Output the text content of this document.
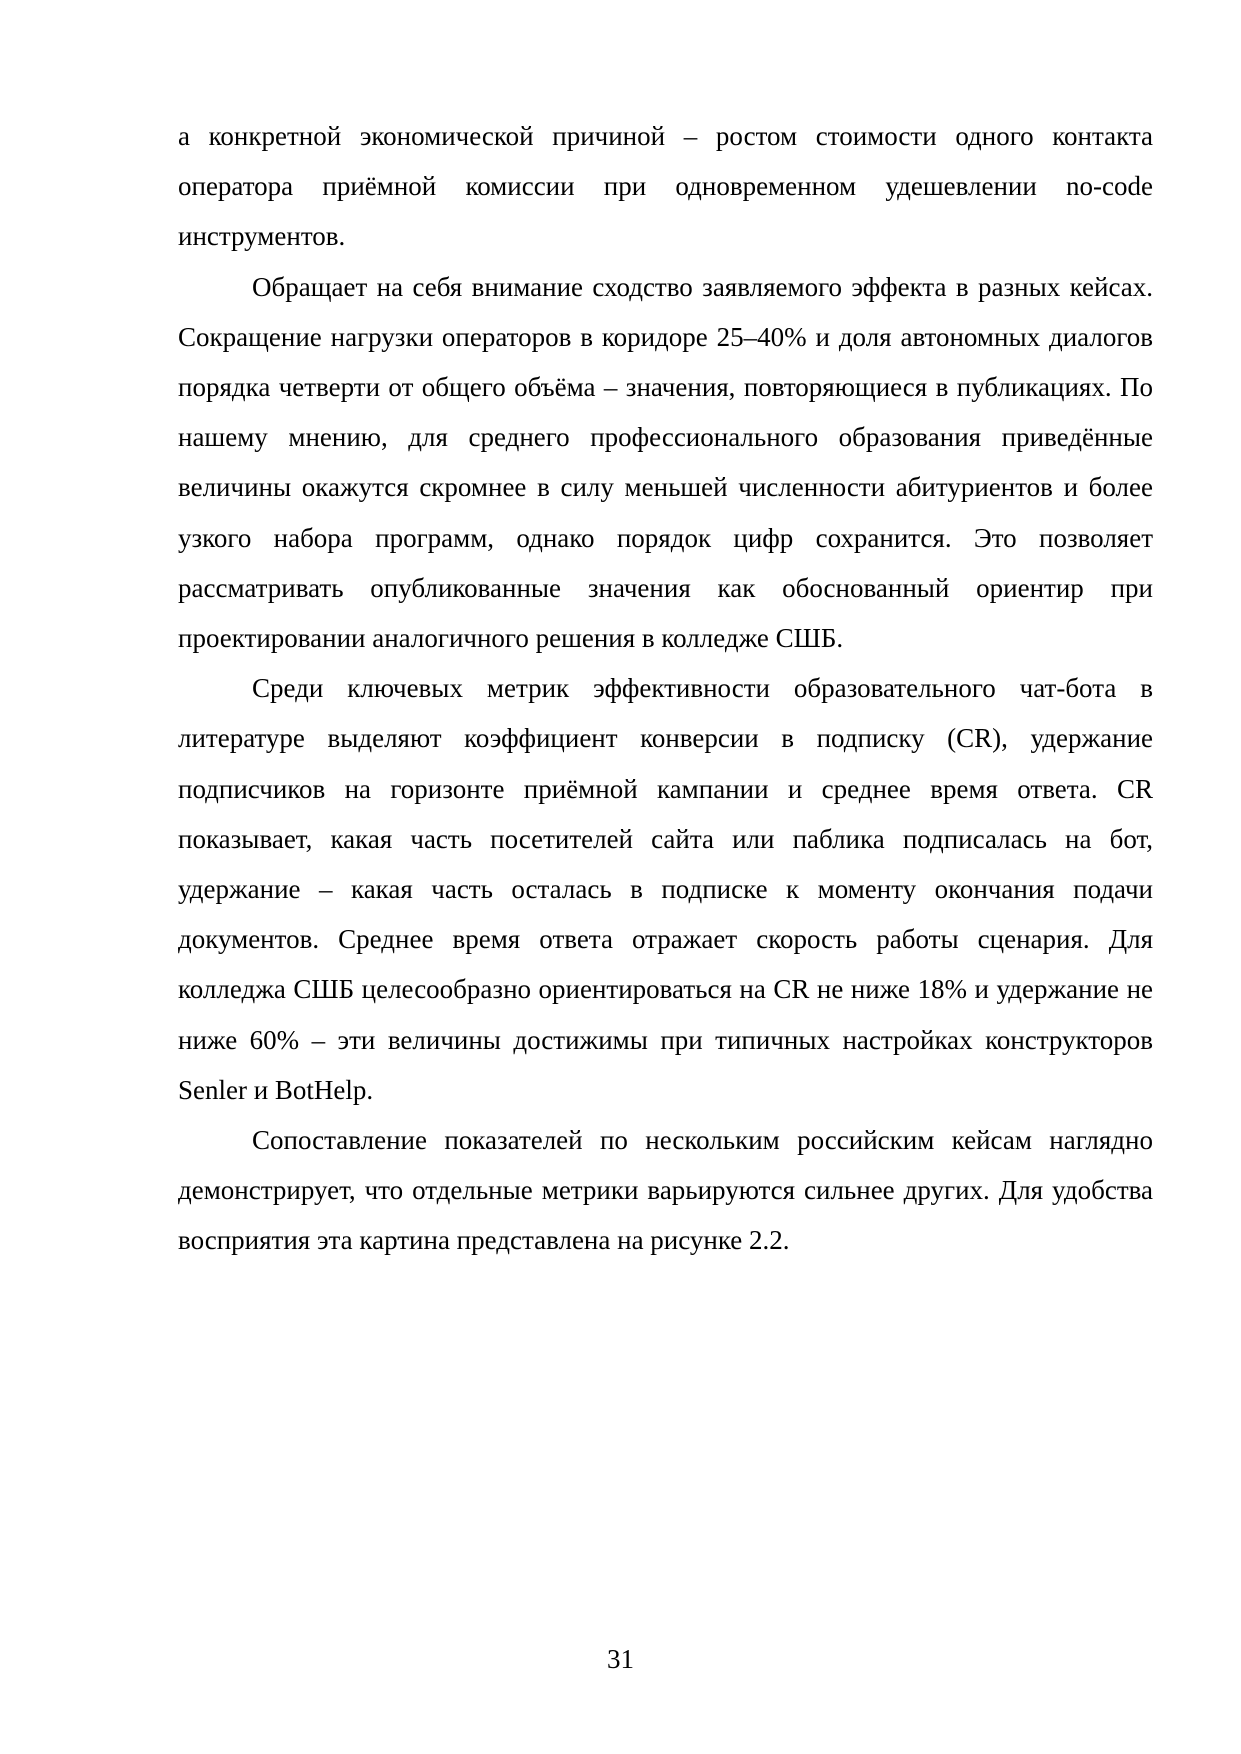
а конкретной экономической причиной – ростом стоимости одного контакта оператора приёмной комиссии при одновременном удешевлении no-code инструментов.

Обращает на себя внимание сходство заявляемого эффекта в разных кейсах. Сокращение нагрузки операторов в коридоре 25–40% и доля автономных диалогов порядка четверти от общего объёма – значения, повторяющиеся в публикациях. По нашему мнению, для среднего профессионального образования приведённые величины окажутся скромнее в силу меньшей численности абитуриентов и более узкого набора программ, однако порядок цифр сохранится. Это позволяет рассматривать опубликованные значения как обоснованный ориентир при проектировании аналогичного решения в колледже СШБ.

Среди ключевых метрик эффективности образовательного чат-бота в литературе выделяют коэффициент конверсии в подписку (CR), удержание подписчиков на горизонте приёмной кампании и среднее время ответа. CR показывает, какая часть посетителей сайта или паблика подписалась на бот, удержание – какая часть осталась в подписке к моменту окончания подачи документов. Среднее время ответа отражает скорость работы сценария. Для колледжа СШБ целесообразно ориентироваться на CR не ниже 18% и удержание не ниже 60% – эти величины достижимы при типичных настройках конструкторов Senler и BotHelp.

Сопоставление показателей по нескольким российским кейсам наглядно демонстрирует, что отдельные метрики варьируются сильнее других. Для удобства восприятия эта картина представлена на рисунке 2.2.

31
